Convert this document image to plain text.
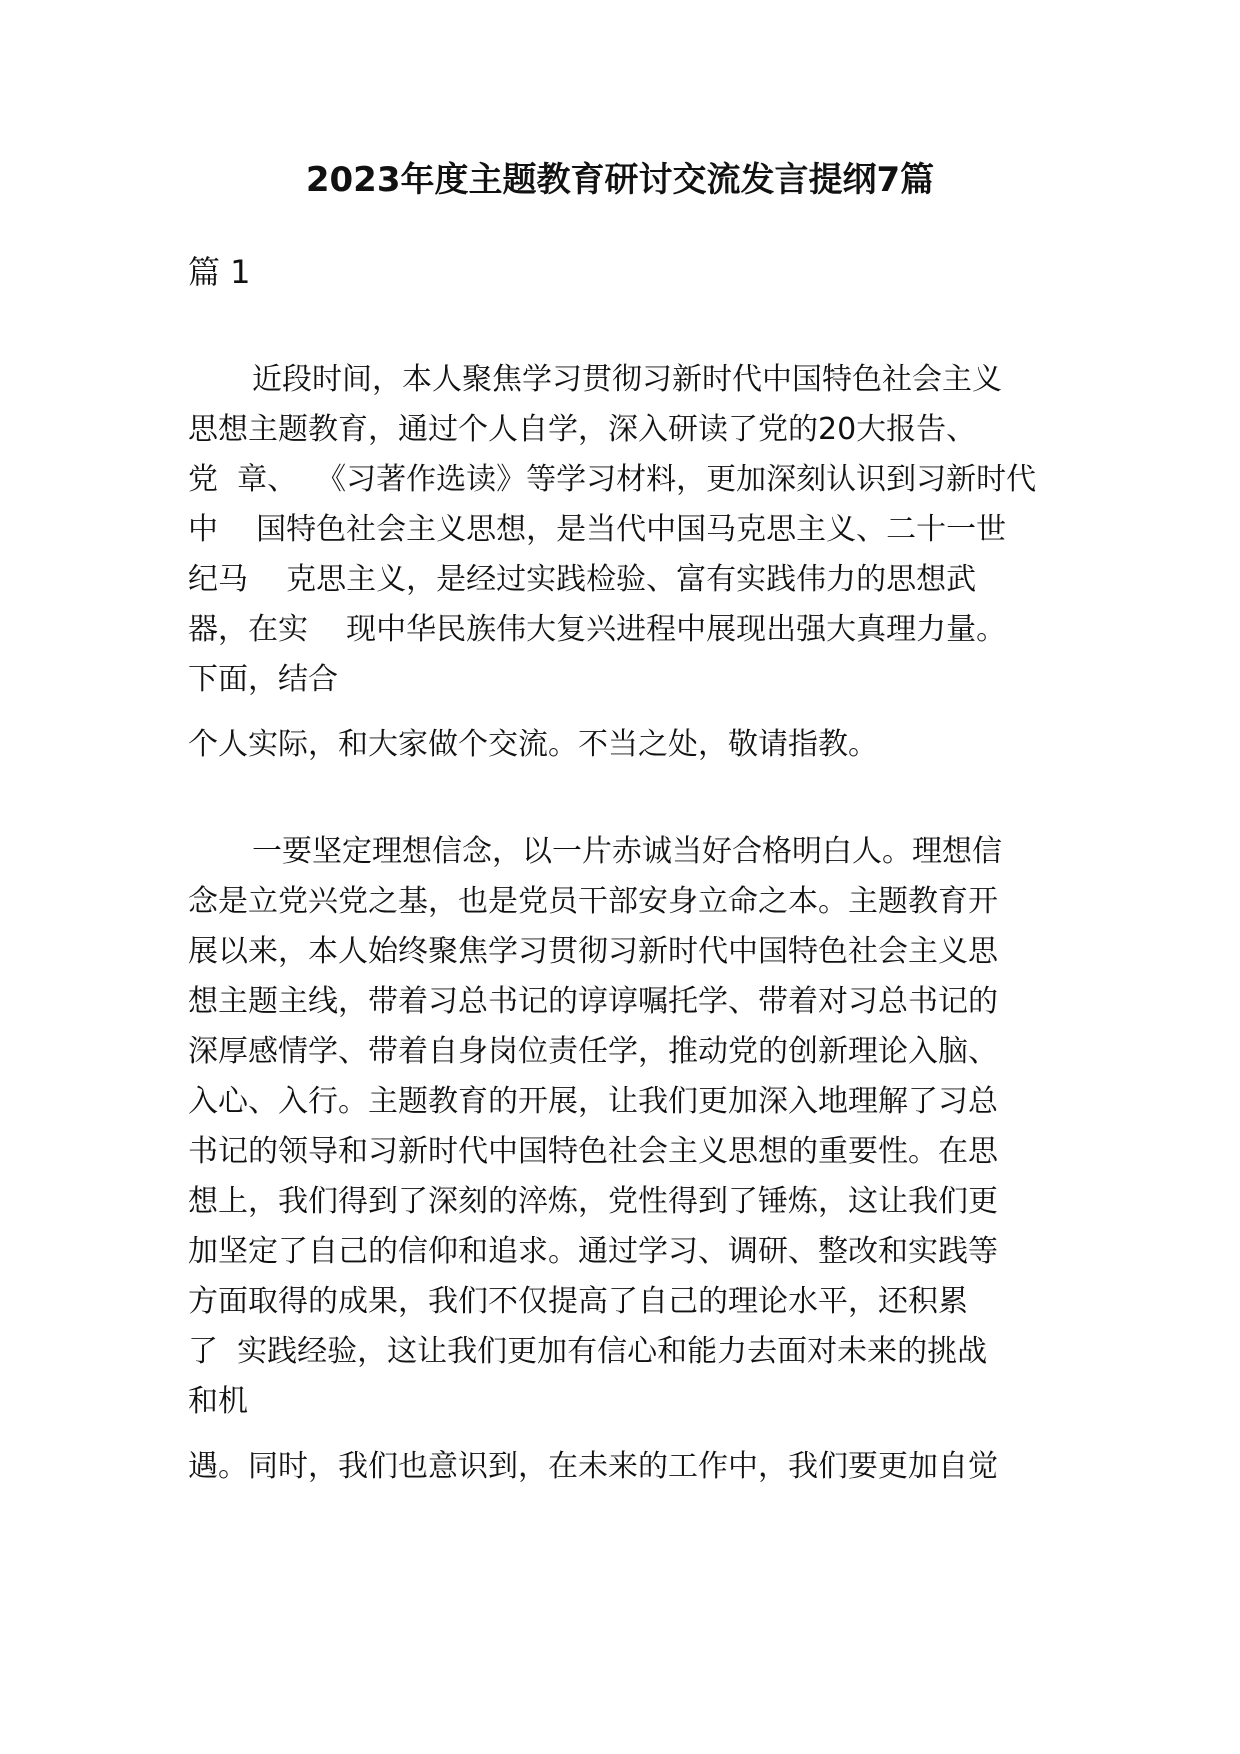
2023年度主题教育研讨交流发言提纲7篇
篇 1
近段时间，本人聚焦学习贯彻习新时代中国特色社会主义
思想主题教育，通过个人自学，深入研读了党的20大报告、
党  章、  《习著作选读》等学习材料，更加深刻认识到习新时代
中    国特色社会主义思想，是当代中国马克思主义、二十一世
纪马    克思主义，是经过实践检验、富有实践伟力的思想武
器，在实    现中华民族伟大复兴进程中展现出强大真理力量。
下面，结合
个人实际，和大家做个交流。不当之处，敬请指教。
一要坚定理想信念，以一片赤诚当好合格明白人。理想信
念是立党兴党之基，也是党员干部安身立命之本。主题教育开
展以来，本人始终聚焦学习贯彻习新时代中国特色社会主义思
想主题主线，带着习总书记的谆谆嘱托学、带着对习总书记的
深厚感情学、带着自身岗位责任学，推动党的创新理论入脑、
入心、入行。主题教育的开展，让我们更加深入地理解了习总
书记的领导和习新时代中国特色社会主义思想的重要性。在思
想上，我们得到了深刻的淬炼，党性得到了锤炼，这让我们更
加坚定了自己的信仰和追求。通过学习、调研、整改和实践等
方面取得的成果，我们不仅提高了自己的理论水平，还积累
了  实践经验，这让我们更加有信心和能力去面对未来的挑战
和机
遇。同时，我们也意识到，在未来的工作中，我们要更加自觉
